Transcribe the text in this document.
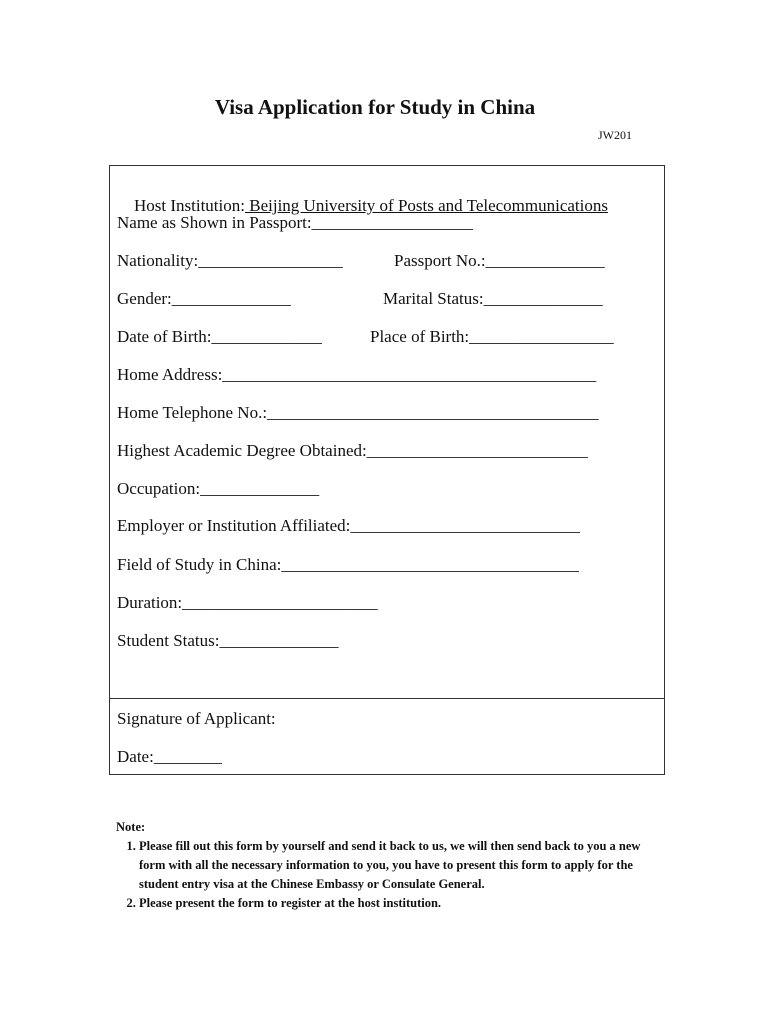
Visa Application for Study in China
JW201

Host Institution: Beijing University of Posts and Telecommunications

Name as Shown in Passport:___________________
Nationality:_________________	Passport No.:______________
Gender:______________	Marital Status:______________
Date of Birth:_____________	Place of Birth:_________________
Home Address:____________________________________________
Home Telephone No.:_______________________________________
Highest Academic Degree Obtained:__________________________
Occupation:______________
Employer or Institution Affiliated:___________________________
Field of Study in China:___________________________________
Duration:_______________________
Student Status:______________
Signature of Applicant:
Date:________

Note:

1. Please fill out this form by yourself and send it back to us, we will then send back to you a new form with all the necessary information to you, you have to present this form to apply for the student entry visa at the Chinese Embassy or Consulate General.
2. Please present the form to register at the host institution.
